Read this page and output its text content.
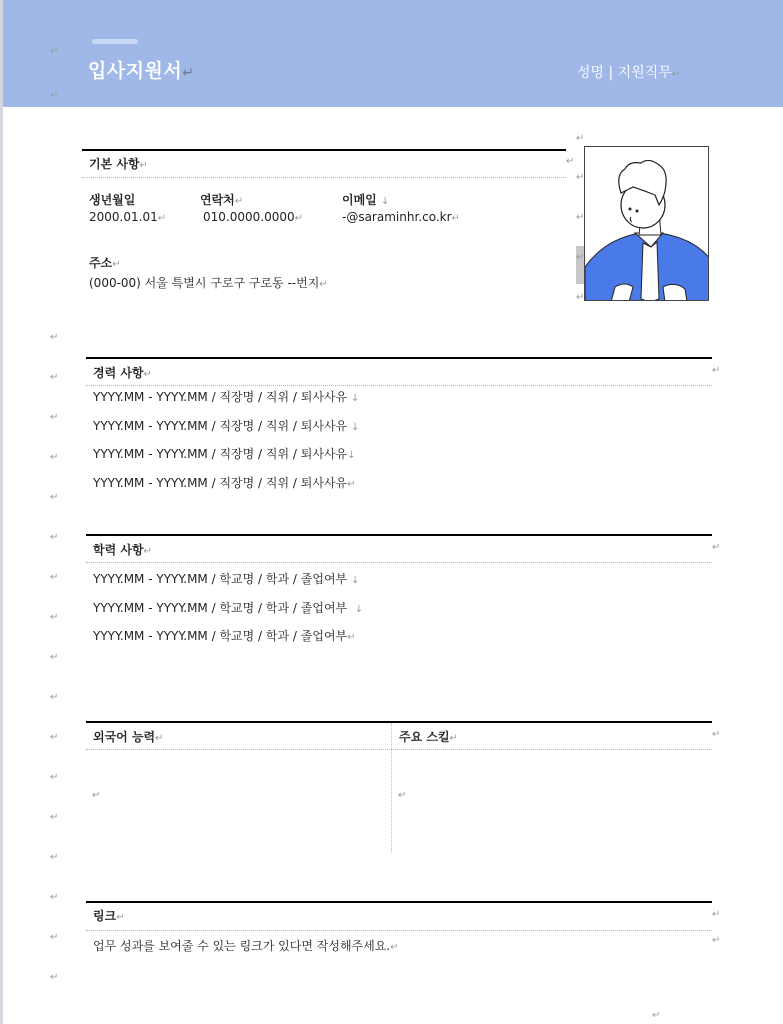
입사지원서↵	성명 | 지원직무↵
↵
↵
기본 사항↵
생년월일
2000.01.01↵
연락처↵
010.0000.0000↵
이메일 ↓
-@saraminhr.co.kr↵
주소↵
(000-00) 서울 특별시 구로구 구로동 --번지↵
↵
↵
↵
↵
↵
↵
↵
↵
↵
↵
↵
↵
↵
↵
↵
↵
↵
↵
↵
↵
↵
↵
↵
경력 사항↵	↵
YYYY.MM - YYYY.MM / 직장명 / 직위 / 퇴사사유 ↓
YYYY.MM - YYYY.MM / 직장명 / 직위 / 퇴사사유 ↓
YYYY.MM - YYYY.MM / 직장명 / 직위 / 퇴사사유↓
YYYY.MM - YYYY.MM / 직장명 / 직위 / 퇴사사유↵
학력 사항↵	↵
YYYY.MM - YYYY.MM / 학교명 / 학과 / 졸업여부 ↓
YYYY.MM - YYYY.MM / 학교명 / 학과 / 졸업여부 ↓
YYYY.MM - YYYY.MM / 학교명 / 학과 / 졸업여부↵
외국어 능력↵	주요 스킬↵	↵
↵	↵
링크↵	↵
업무 성과를 보여줄 수 있는 링크가 있다면 작성해주세요.↵
↵
↵
